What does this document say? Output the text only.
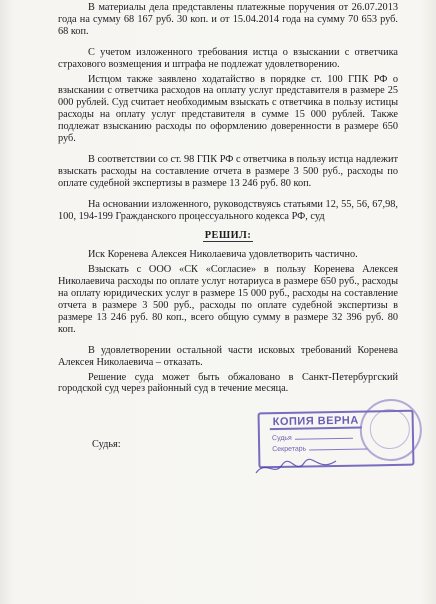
В материалы дела представлены платежные поручения от 26.07.2013 года на сумму 68 167 руб. 30 коп. и от 15.04.2014 года на сумму 70 653 руб. 68 коп.

С учетом изложенного требования истца о взыскании с ответчика страхового возмещения и штрафа не подлежат удовлетворению.

Истцом также заявлено ходатайство в порядке ст. 100 ГПК РФ о взыскании с ответчика расходов на оплату услуг представителя в размере 25 000 рублей. Суд считает необходимым взыскать с ответчика в пользу истицы расходы на оплату услуг представителя в сумме 15 000 рублей. Также подлежат взысканию расходы по оформлению доверенности в размере 650 руб.

В соответствии со ст. 98 ГПК РФ с ответчика в пользу истца надлежит взыскать расходы на составление отчета в размере 3 500 руб., расходы по оплате судебной экспертизы в размере 13 246 руб. 80 коп.

На основании изложенного, руководствуясь статьями 12, 55, 56, 67,98, 100, 194-199 Гражданского процессуального кодекса РФ, суд

РЕШИЛ:

Иск Кореневa Алексея Николаевича удовлетворить частично.

Взыскать с ООО «СК «Согласие» в пользу Коренева Алексея Николаевича расходы по оплате услуг нотариуса в размере 650 руб., расходы на оплату юридических услуг в размере 15 000 руб., расходы на составление отчета в размере 3 500 руб., расходы по оплате судебной экспертизы в размере 13 246 руб. 80 коп., всего общую сумму в размере 32 396 руб. 80 коп.

В удовлетворении остальной части исковых требований Коренева Алексея Николаевича – отказать.

Решение суда может быть обжаловано в Санкт-Петербургский городской суд через районный суд в течение месяца.

Судья:
КОПИЯ ВЕРНА
Судья
Секретарь
